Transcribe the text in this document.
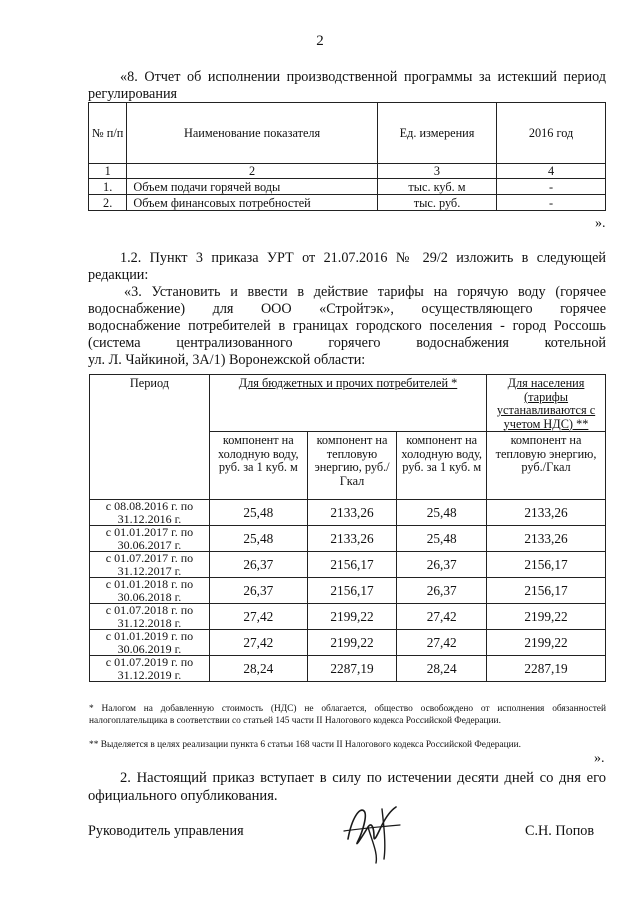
2
«8. Отчет об исполнении производственной программы за истекший период
регулирования
№ п/п	Наименование показателя	Ед. измерения	2016 год
1	2	3	4
1.	Объем подачи горячей воды	тыс. куб. м	-
2.	Объем финансовых потребностей	тыс. руб.	-
».
1.2. Пункт 3 приказа УРТ от 21.07.2016 № 29/2 изложить в следующей
редакции:
«3. Установить и ввести в действие тарифы на горячую воду (горячее
водоснабжение) для ООО «Стройтэк», осуществляющего горячее
водоснабжение потребителей в границах городского поселения - город Россошь
(система централизованного горячего водоснабжения котельной
ул. Л. Чайкиной, 3А/1) Воронежской области:
Период	Для бюджетных и прочих потребителей *			Для населения (тарифы устанавливаются с учетом НДС) **
	компонент на холодную воду, руб. за 1 куб. м	компонент на тепловую энергию, руб./Гкал	компонент на холодную воду, руб. за 1 куб. м	компонент на тепловую энергию, руб./Гкал
с 08.08.2016 г. по 31.12.2016 г.	25,48	2133,26	25,48	2133,26
с 01.01.2017 г. по 30.06.2017 г.	25,48	2133,26	25,48	2133,26
с 01.07.2017 г. по 31.12.2017 г.	26,37	2156,17	26,37	2156,17
с 01.01.2018 г. по 30.06.2018 г.	26,37	2156,17	26,37	2156,17
с 01.07.2018 г. по 31.12.2018 г.	27,42	2199,22	27,42	2199,22
с 01.01.2019 г. по 30.06.2019 г.	27,42	2199,22	27,42	2199,22
с 01.07.2019 г. по 31.12.2019 г.	28,24	2287,19	28,24	2287,19
* Налогом на добавленную стоимость (НДС) не облагается, общество освобождено от исполнения обязанностей налогоплательщика в соответствии со статьей 145 части II Налогового кодекса Российской Федерации.
** Выделяется в целях реализации пункта 6 статьи 168 части II Налогового кодекса Российской Федерации.
».
2. Настоящий приказ вступает в силу по истечении десяти дней со дня его
официального опубликования.
Руководитель управления	С.Н. Попов
